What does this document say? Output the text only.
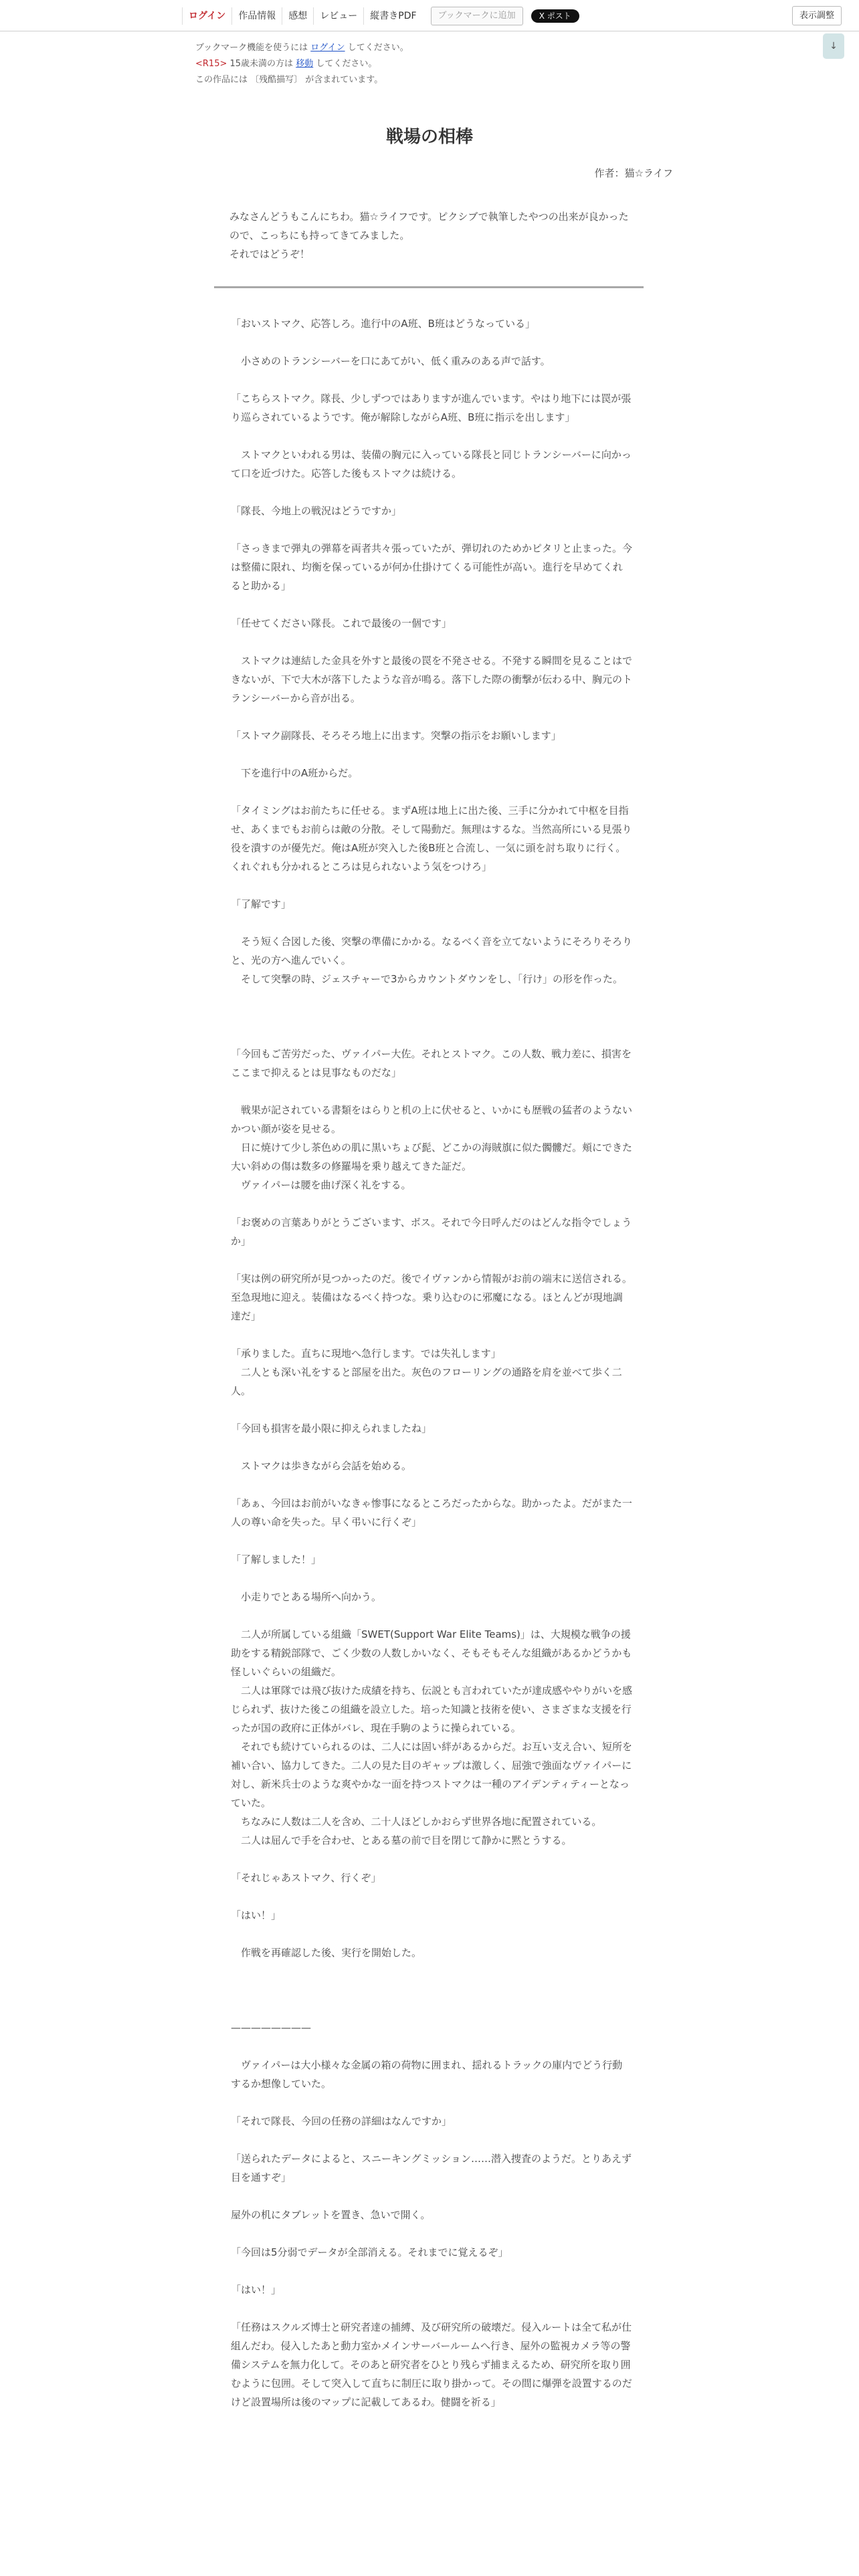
ログイン	作品情報	感想	レビュー	縦書きPDF	ブックマークに追加	X ポスト	表示調整
↓
ブックマーク機能を使うには ログイン してください。
<R15> 15歳未満の方は 移動 してください。
この作品には 〔残酷描写〕 が含まれています。
戦場の相棒
作者：猫☆ライフ
みなさんどうもこんにちわ。猫☆ライフです。ピクシブで執筆したやつの出来が良かったので、こっちにも持ってきてみました。
それではどうぞ！
「おいストマク、応答しろ。進行中のA班、B班はどうなっている」
　小さめのトランシーバーを口にあてがい、低く重みのある声で話す。
「こちらストマク。隊長、少しずつではありますが進んでいます。やはり地下には罠が張り巡らされているようです。俺が解除しながらA班、B班に指示を出します」
　ストマクといわれる男は、装備の胸元に入っている隊長と同じトランシーバーに向かって口を近づけた。応答した後もストマクは続ける。
「隊長、今地上の戦況はどうですか」
「さっきまで弾丸の弾幕を両者共々張っていたが、弾切れのためかピタリと止まった。今は整備に限れ、均衡を保っているが何か仕掛けてくる可能性が高い。進行を早めてくれると助かる」
「任せてください隊長。これで最後の一個です」
　ストマクは連結した金具を外すと最後の罠を不発させる。不発する瞬間を見ることはできないが、下で大木が落下したような音が鳴る。落下した際の衝撃が伝わる中、胸元のトランシーバーから音が出る。
「ストマク副隊長、そろそろ地上に出ます。突撃の指示をお願いします」
　下を進行中のA班からだ。
「タイミングはお前たちに任せる。まずA班は地上に出た後、三手に分かれて中枢を目指せ、あくまでもお前らは敵の分散。そして陽動だ。無理はするな。当然高所にいる見張り役を潰すのが優先だ。俺はA班が突入した後B班と合流し、一気に頭を討ち取りに行く。くれぐれも分かれるところは見られないよう気をつけろ」
「了解です」
　そう短く合図した後、突撃の準備にかかる。なるべく音を立てないようにそろりそろりと、光の方へ進んでいく。
　そして突撃の時、ジェスチャーで3からカウントダウンをし、「行け」の形を作った。
「今回もご苦労だった、ヴァイパー大佐。それとストマク。この人数、戦力差に、損害をここまで抑えるとは見事なものだな」
　戦果が記されている書類をはらりと机の上に伏せると、いかにも歴戦の猛者のようないかつい顔が姿を見せる。
　日に焼けて少し茶色めの肌に黒いちょび髭、どこかの海賊旗に似た髑髏だ。頬にできた大い斜めの傷は数多の修羅場を乗り越えてきた証だ。
　ヴァイパーは腰を曲げ深く礼をする。
「お褒めの言葉ありがとうございます、ボス。それで今日呼んだのはどんな指令でしょうか」
「実は例の研究所が見つかったのだ。後でイヴァンから情報がお前の端末に送信される。至急現地に迎え。装備はなるべく持つな。乗り込むのに邪魔になる。ほとんどが現地調達だ」
「承りました。直ちに現地へ急行します。では失礼します」
　二人とも深い礼をすると部屋を出た。灰色のフローリングの通路を肩を並べて歩く二人。
「今回も損害を最小限に抑えられましたね」
　ストマクは歩きながら会話を始める。
「あぁ、今回はお前がいなきゃ惨事になるところだったからな。助かったよ。だがまた一人の尊い命を失った。早く弔いに行くぞ」
「了解しました！」
　小走りでとある場所へ向かう。
　二人が所属している組織「SWET(Support War Elite Teams)」は、大規模な戦争の援助をする精鋭部隊で、ごく少数の人数しかいなく、そもそもそんな組織があるかどうかも怪しいぐらいの組織だ。
　二人は軍隊では飛び抜けた成績を持ち、伝説とも言われていたが達成感ややりがいを感じられず、抜けた後この組織を設立した。培った知識と技術を使い、さまざまな支援を行ったが国の政府に正体がバレ、現在手駒のように操られている。
　それでも続けていられるのは、二人には固い絆があるからだ。お互い支え合い、短所を補い合い、協力してきた。二人の見た目のギャップは激しく、屈強で強面なヴァイパーに対し、新米兵士のような爽やかな一面を持つストマクは一種のアイデンティティーとなっていた。
　ちなみに人数は二人を含め、二十人ほどしかおらず世界各地に配置されている。
　二人は屈んで手を合わせ、とある墓の前で目を閉じて静かに黙とうする。
「それじゃあストマク、行くぞ」
「はい！」
　作戦を再確認した後、実行を開始した。
————————
　ヴァイパーは大小様々な金属の箱の荷物に囲まれ、揺れるトラックの庫内でどう行動するか想像していた。
「それで隊長、今回の任務の詳細はなんですか」
「送られたデータによると、スニーキングミッション……潜入捜査のようだ。とりあえず目を通すぞ」
屋外の机にタブレットを置き、急いで開く。
「今回は5分弱でデータが全部消える。それまでに覚えるぞ」
「はい！」
「任務はスクルズ博士と研究者達の捕縛、及び研究所の破壊だ。侵入ルートは全て私が仕組んだわ。侵入したあと動力室かメインサーバールームへ行き、屋外の監視カメラ等の警備システムを無力化して。そのあと研究者をひとり残らず捕まえるため、研究所を取り囲むように包囲。そして突入して直ちに制圧に取り掛かって。その間に爆弾を設置するのだけど設置場所は後のマップに記載してあるわ。健闘を祈る」
